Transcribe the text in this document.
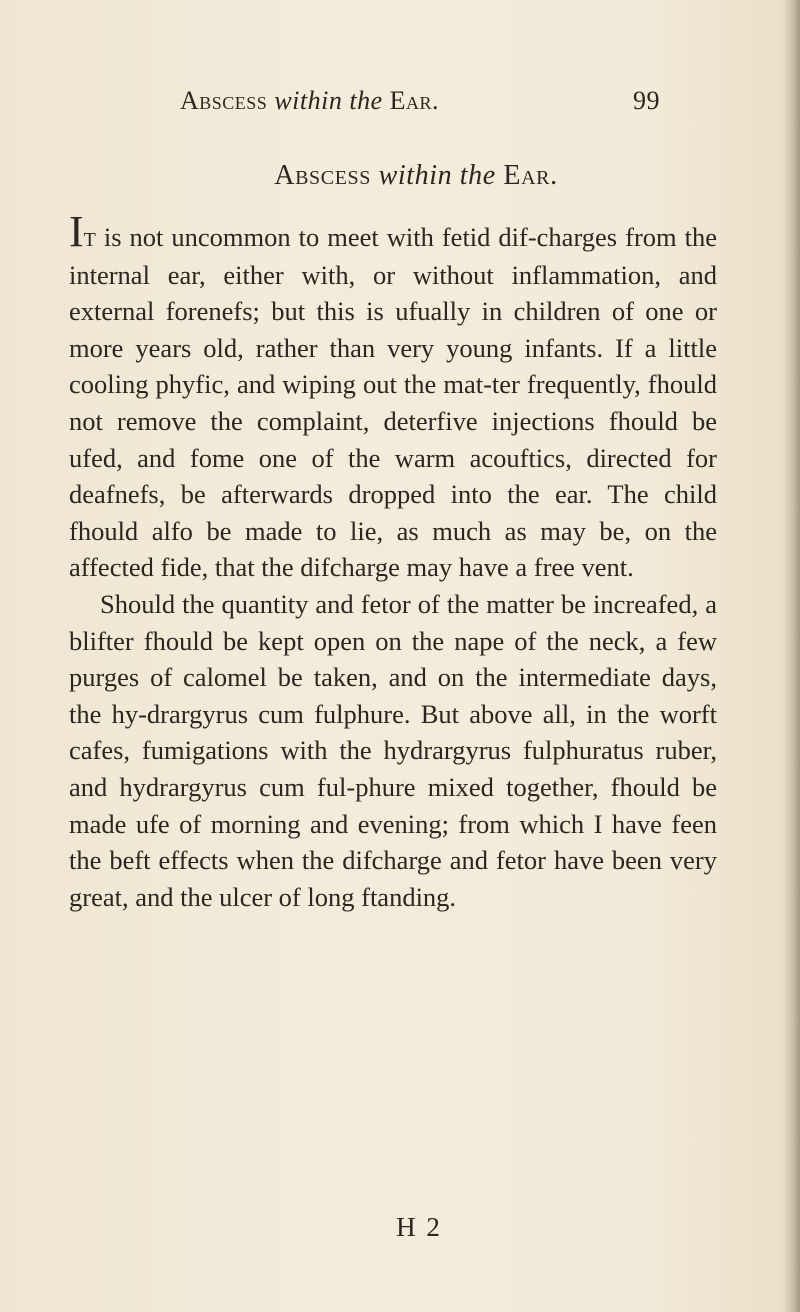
Abscess within the Ear.	99
Abscess within the Ear.

It is not uncommon to meet with fetid dif-charges from the internal ear, either with, or without inflammation, and external forenefs; but this is ufually in children of one or more years old, rather than very young infants. If a little cooling phyfic, and wiping out the mat-ter frequently, fhould not remove the complaint, deterfive injections fhould be ufed, and fome one of the warm acouftics, directed for deafnefs, be afterwards dropped into the ear. The child fhould alfo be made to lie, as much as may be, on the affected fide, that the difcharge may have a free vent.

Should the quantity and fetor of the matter be increafed, a blifter fhould be kept open on the nape of the neck, a few purges of calomel be taken, and on the intermediate days, the hy-drargyrus cum fulphure. But above all, in the worft cafes, fumigations with the hydrargyrus fulphuratus ruber, and hydrargyrus cum ful-phure mixed together, fhould be made ufe of morning and evening; from which I have feen the beft effects when the difcharge and fetor have been very great, and the ulcer of long ftanding.

H 2
